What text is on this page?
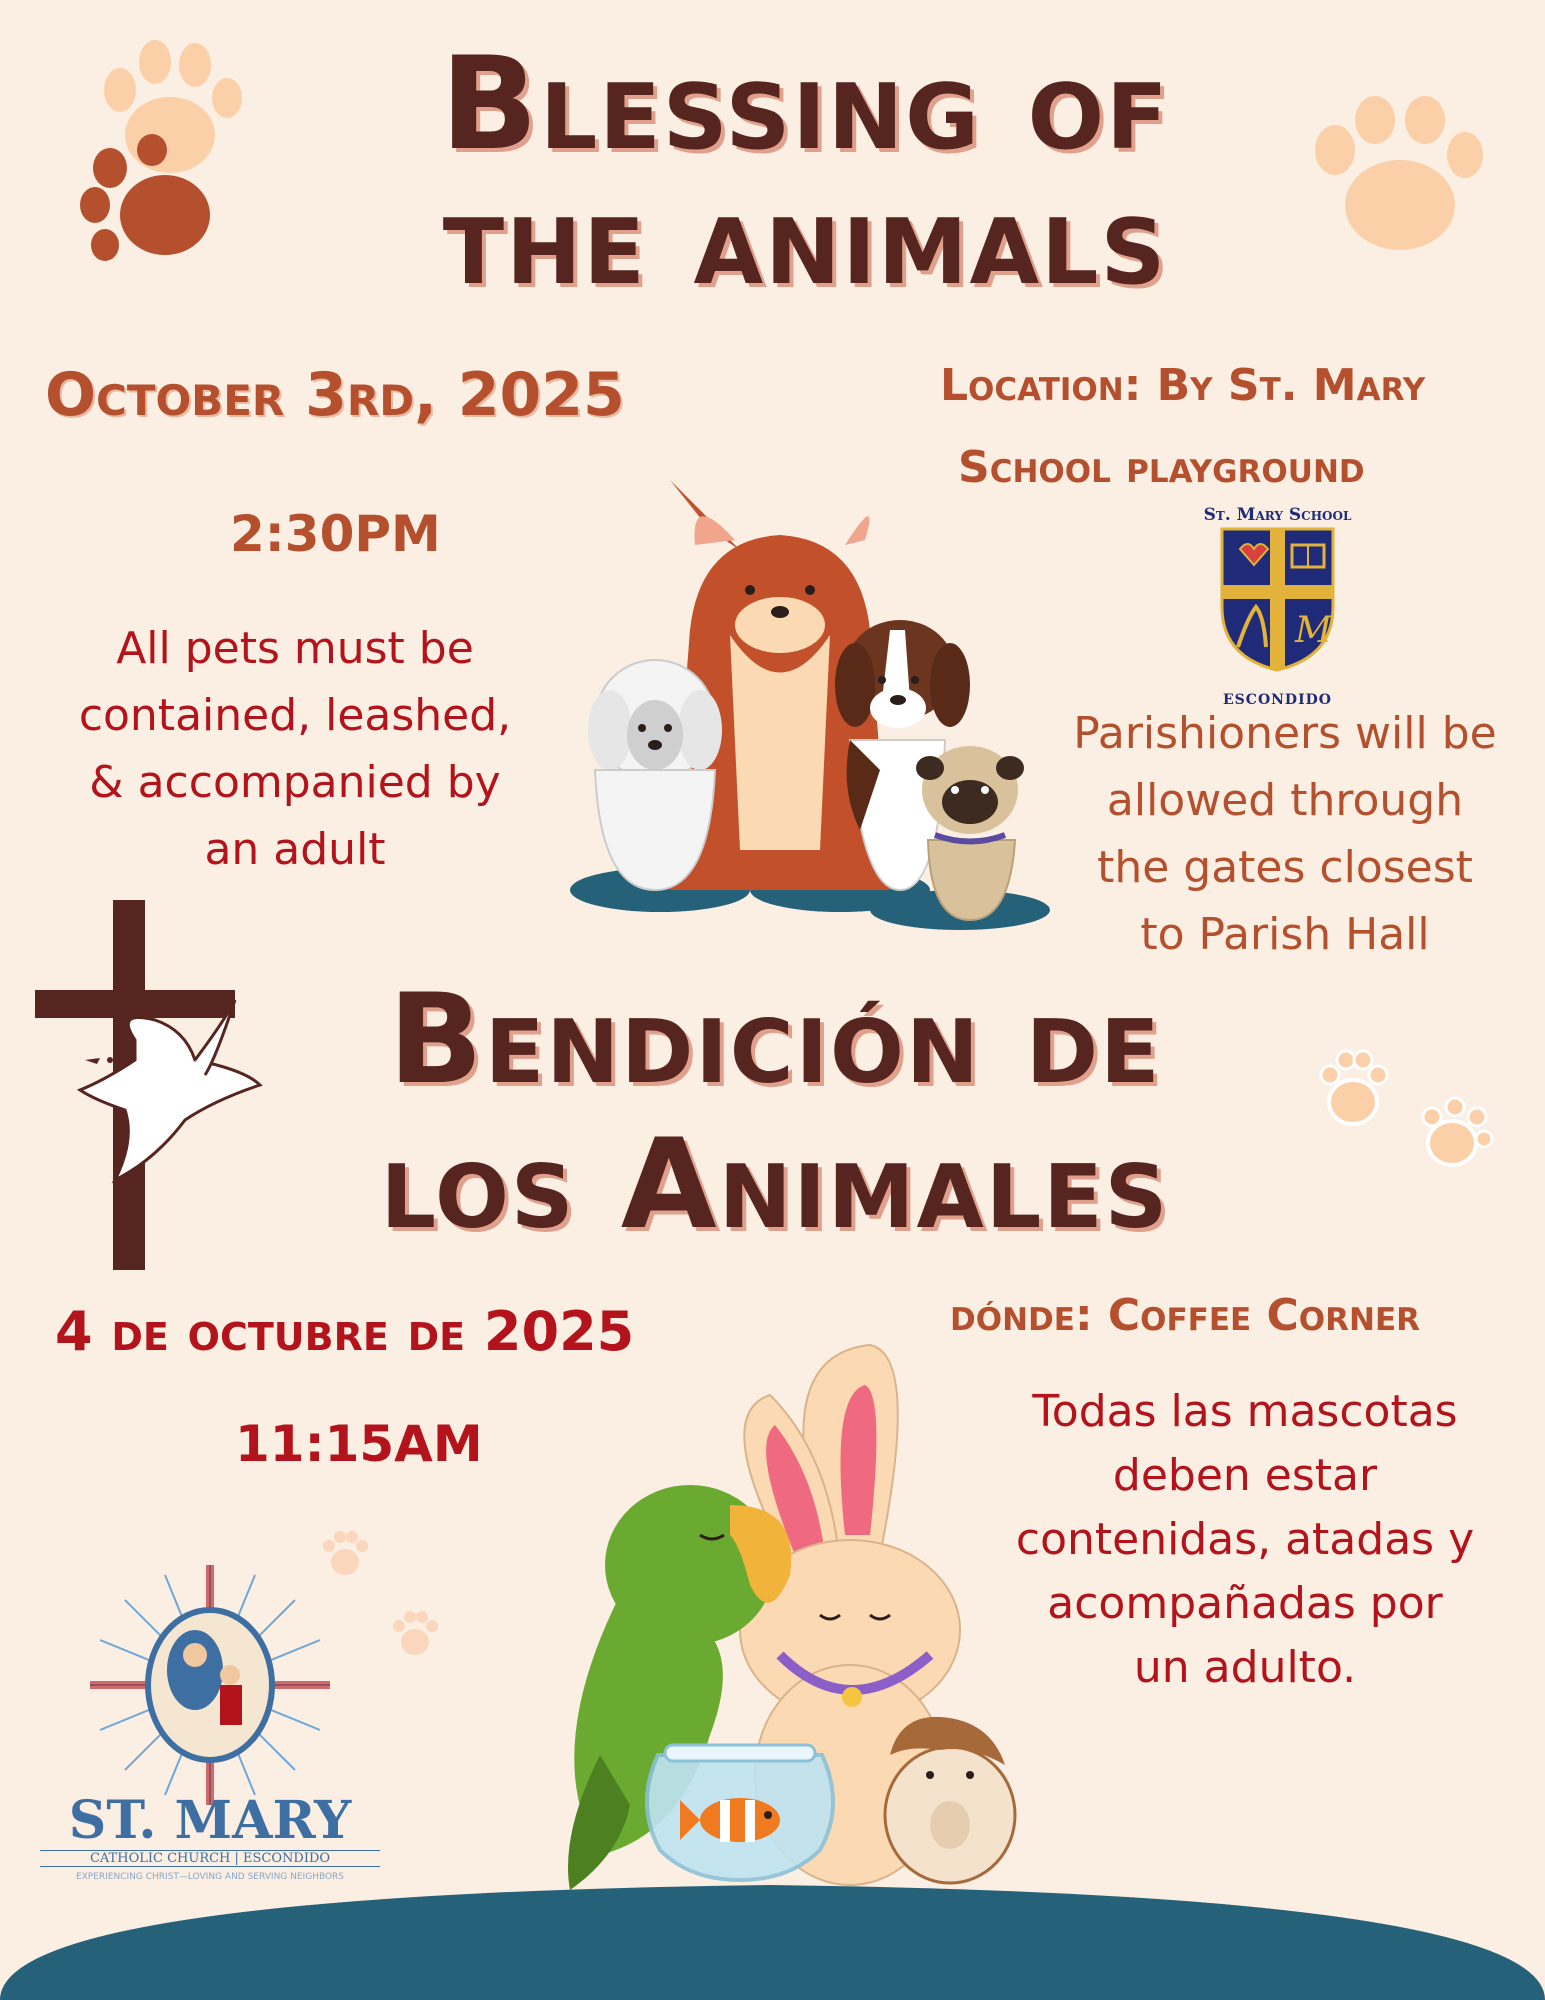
Blessing of
the animals
October 3rd, 2025
2:30PM
Location: By St. Mary
School playground
All pets must be
contained, leashed,
& accompanied by
an adult
Parishioners will be
allowed through
the gates closest
to Parish Hall
St. Mary School
M
ESCONDIDO
Bendición de
los Animales
4 de octubre de 2025
11:15AM
dónde: Coffee Corner
Todas las mascotas
deben estar
contenidas, atadas y
acompañadas por
un adulto.
ST. MARY
CATHOLIC CHURCH | ESCONDIDO
EXPERIENCING CHRIST—LOVING AND SERVING NEIGHBORS
